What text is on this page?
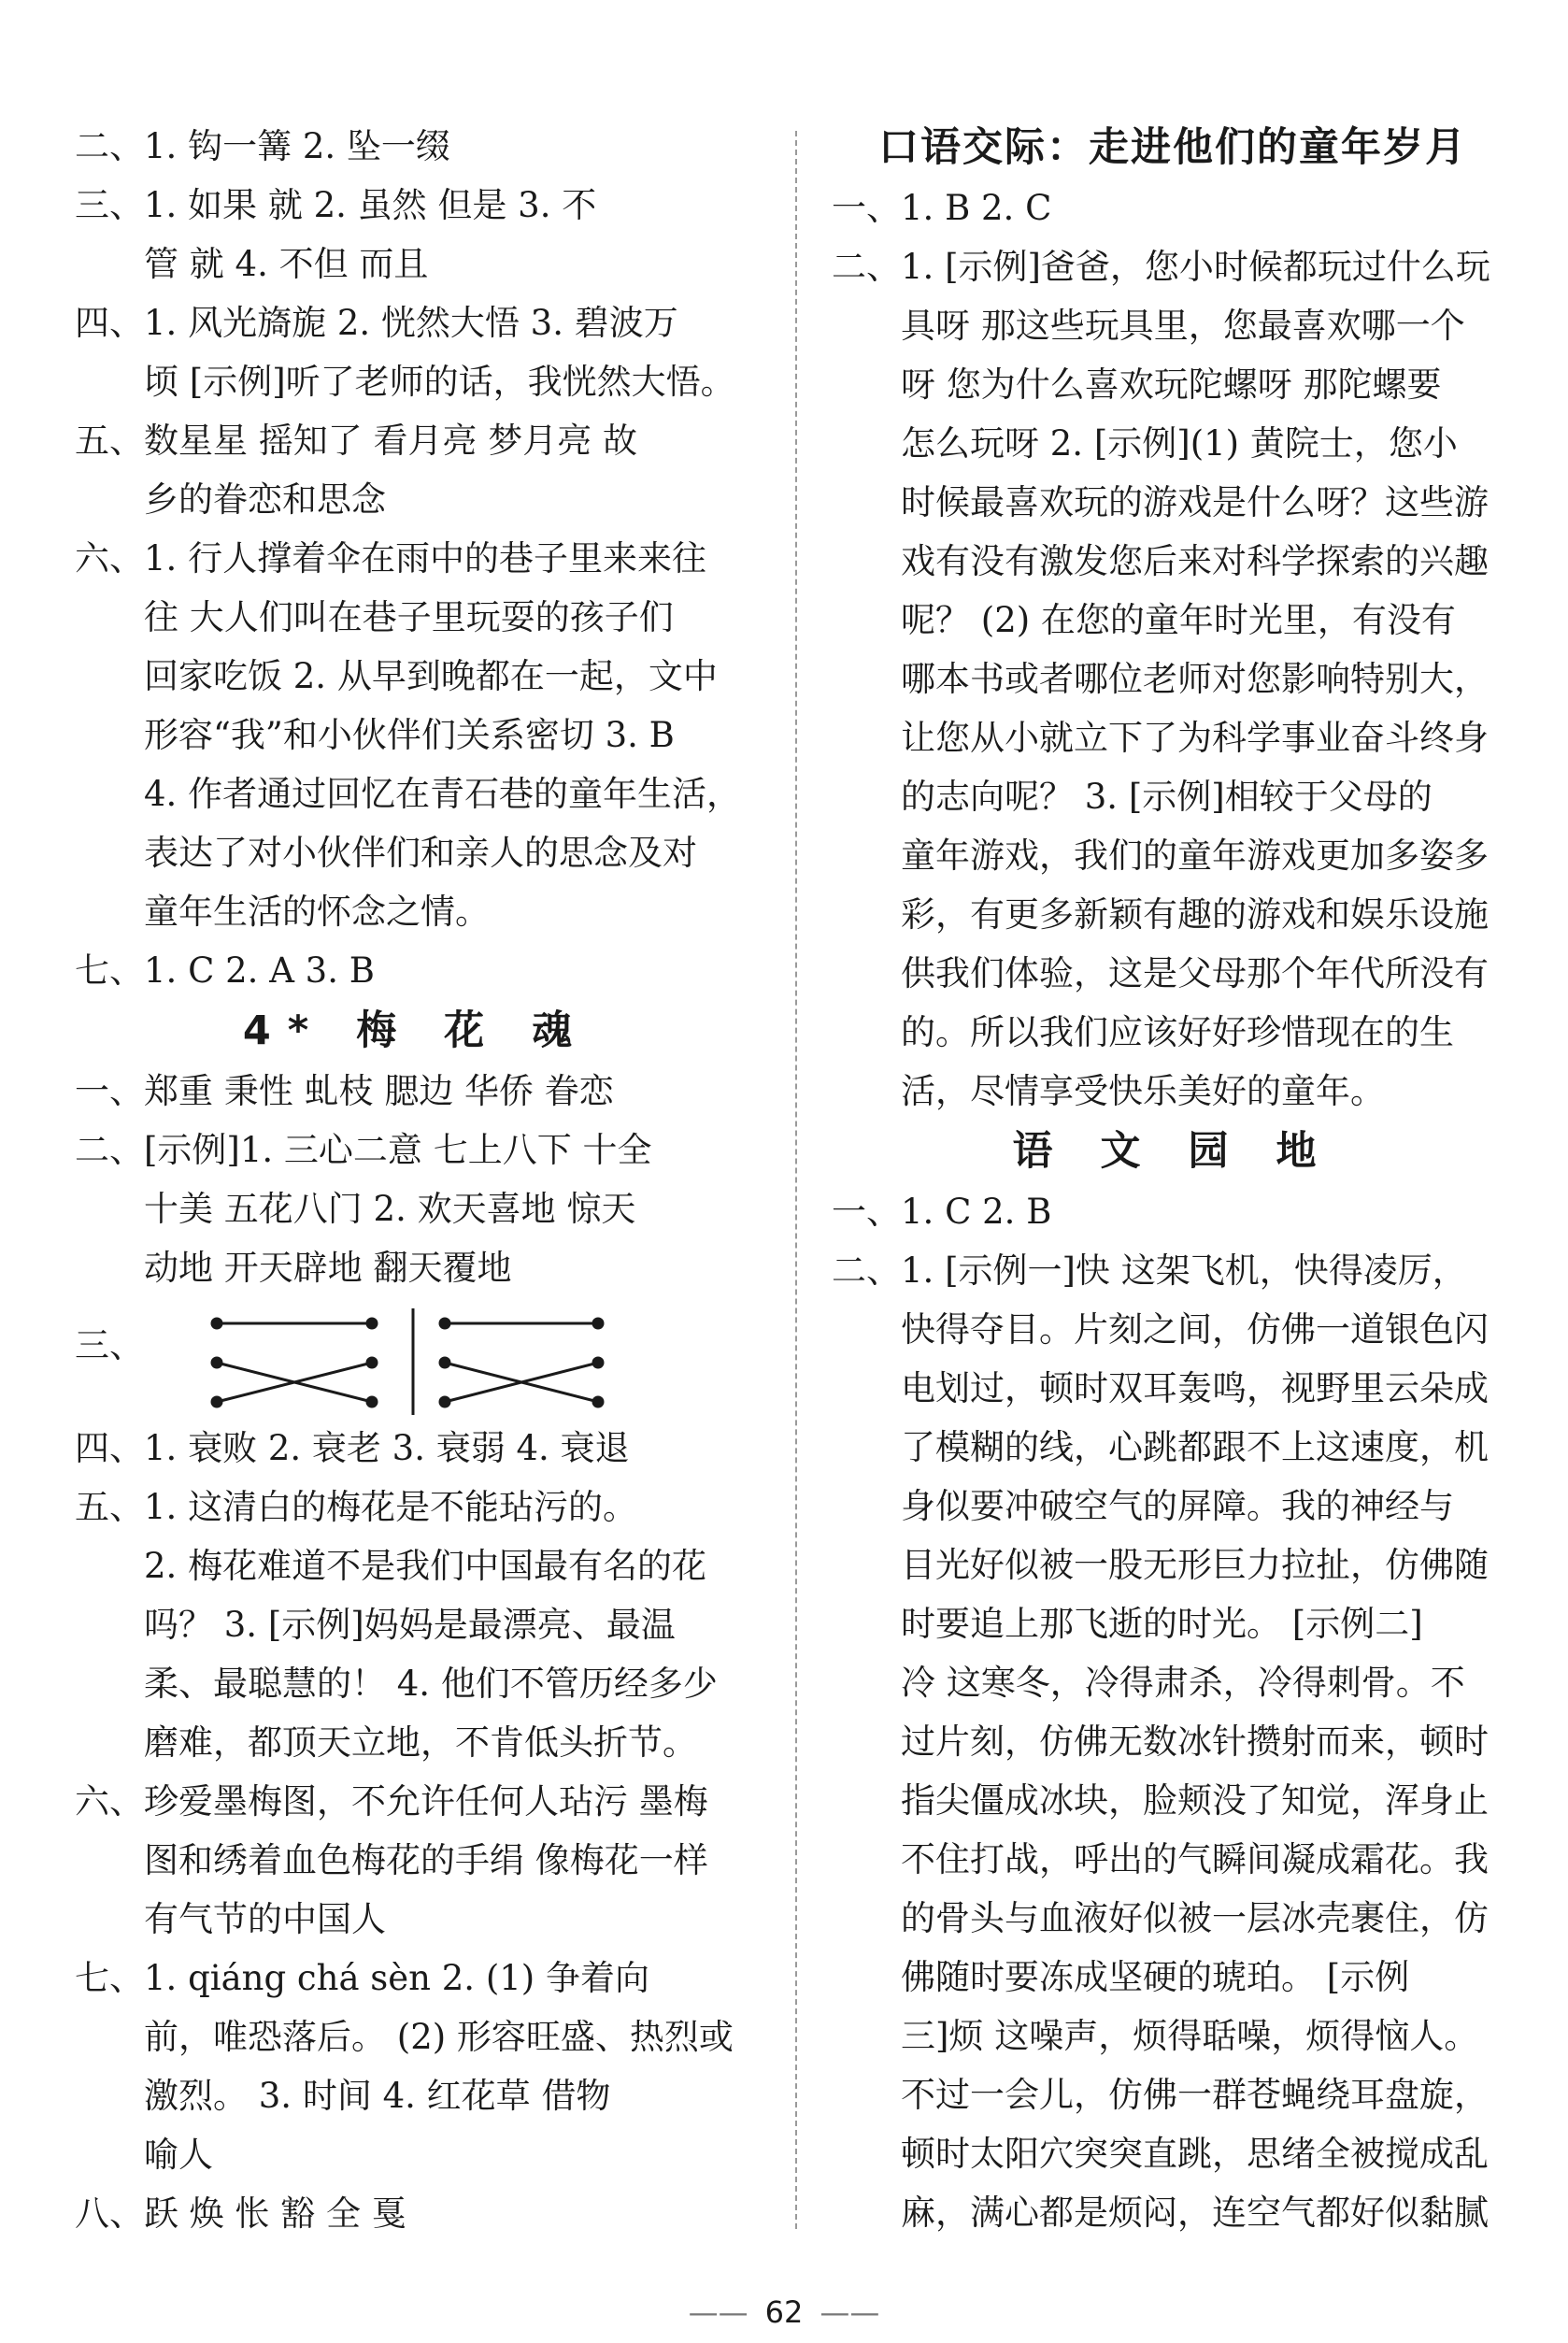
二、1. 钩一篝 2. 坠一缀
三、1. 如果 就 2. 虽然 但是 3. 不
管 就 4. 不但 而且
四、1. 风光旖旎 2. 恍然大悟 3. 碧波万
顷 [示例]听了老师的话，我恍然大悟。
五、数星星 摇知了 看月亮 梦月亮 故
乡的眷恋和思念
六、1. 行人撑着伞在雨中的巷子里来来往
往 大人们叫在巷子里玩耍的孩子们
回家吃饭 2. 从早到晚都在一起，文中
形容“我”和小伙伴们关系密切 3. B
4. 作者通过回忆在青石巷的童年生活，
表达了对小伙伴们和亲人的思念及对
童年生活的怀念之情。
七、1. C 2. A 3. B
4* 梅 花 魂
一、郑重 秉性 虬枝 腮边 华侨 眷恋
二、[示例]1. 三心二意 七上八下 十全
十美 五花八门 2. 欢天喜地 惊天
动地 开天辟地 翻天覆地
三、
四、1. 衰败 2. 衰老 3. 衰弱 4. 衰退
五、1. 这清白的梅花是不能玷污的。
2. 梅花难道不是我们中国最有名的花
吗？ 3. [示例]妈妈是最漂亮、最温
柔、最聪慧的！ 4. 他们不管历经多少
磨难，都顶天立地，不肯低头折节。
六、珍爱墨梅图，不允许任何人玷污 墨梅
图和绣着血色梅花的手绢 像梅花一样
有气节的中国人
七、1. qiáng chá sèn 2. (1) 争着向
前，唯恐落后。 (2) 形容旺盛、热烈或
激烈。 3. 时间 4. 红花草 借物
喻人
八、跃 焕 怅 豁 全 戛
口语交际：走进他们的童年岁月
一、1. B 2. C
二、1. [示例]爸爸，您小时候都玩过什么玩
具呀 那这些玩具里，您最喜欢哪一个
呀 您为什么喜欢玩陀螺呀 那陀螺要
怎么玩呀 2. [示例](1) 黄院士，您小
时候最喜欢玩的游戏是什么呀？这些游
戏有没有激发您后来对科学探索的兴趣
呢？ (2) 在您的童年时光里，有没有
哪本书或者哪位老师对您影响特别大，
让您从小就立下了为科学事业奋斗终身
的志向呢？ 3. [示例]相较于父母的
童年游戏，我们的童年游戏更加多姿多
彩，有更多新颖有趣的游戏和娱乐设施
供我们体验，这是父母那个年代所没有
的。所以我们应该好好珍惜现在的生
活，尽情享受快乐美好的童年。
语 文 园 地
一、1. C 2. B
二、1. [示例一]快 这架飞机，快得凌厉，
快得夺目。片刻之间，仿佛一道银色闪
电划过，顿时双耳轰鸣，视野里云朵成
了模糊的线，心跳都跟不上这速度，机
身似要冲破空气的屏障。我的神经与
目光好似被一股无形巨力拉扯，仿佛随
时要追上那飞逝的时光。 [示例二]
冷 这寒冬，冷得肃杀，冷得刺骨。不
过片刻，仿佛无数冰针攒射而来，顿时
指尖僵成冰块，脸颊没了知觉，浑身止
不住打战，呼出的气瞬间凝成霜花。我
的骨头与血液好似被一层冰壳裹住，仿
佛随时要冻成坚硬的琥珀。 [示例
三]烦 这噪声，烦得聒噪，烦得恼人。
不过一会儿，仿佛一群苍蝇绕耳盘旋，
顿时太阳穴突突直跳，思绪全被搅成乱
麻，满心都是烦闷，连空气都好似黏腻
—— 62 ——
